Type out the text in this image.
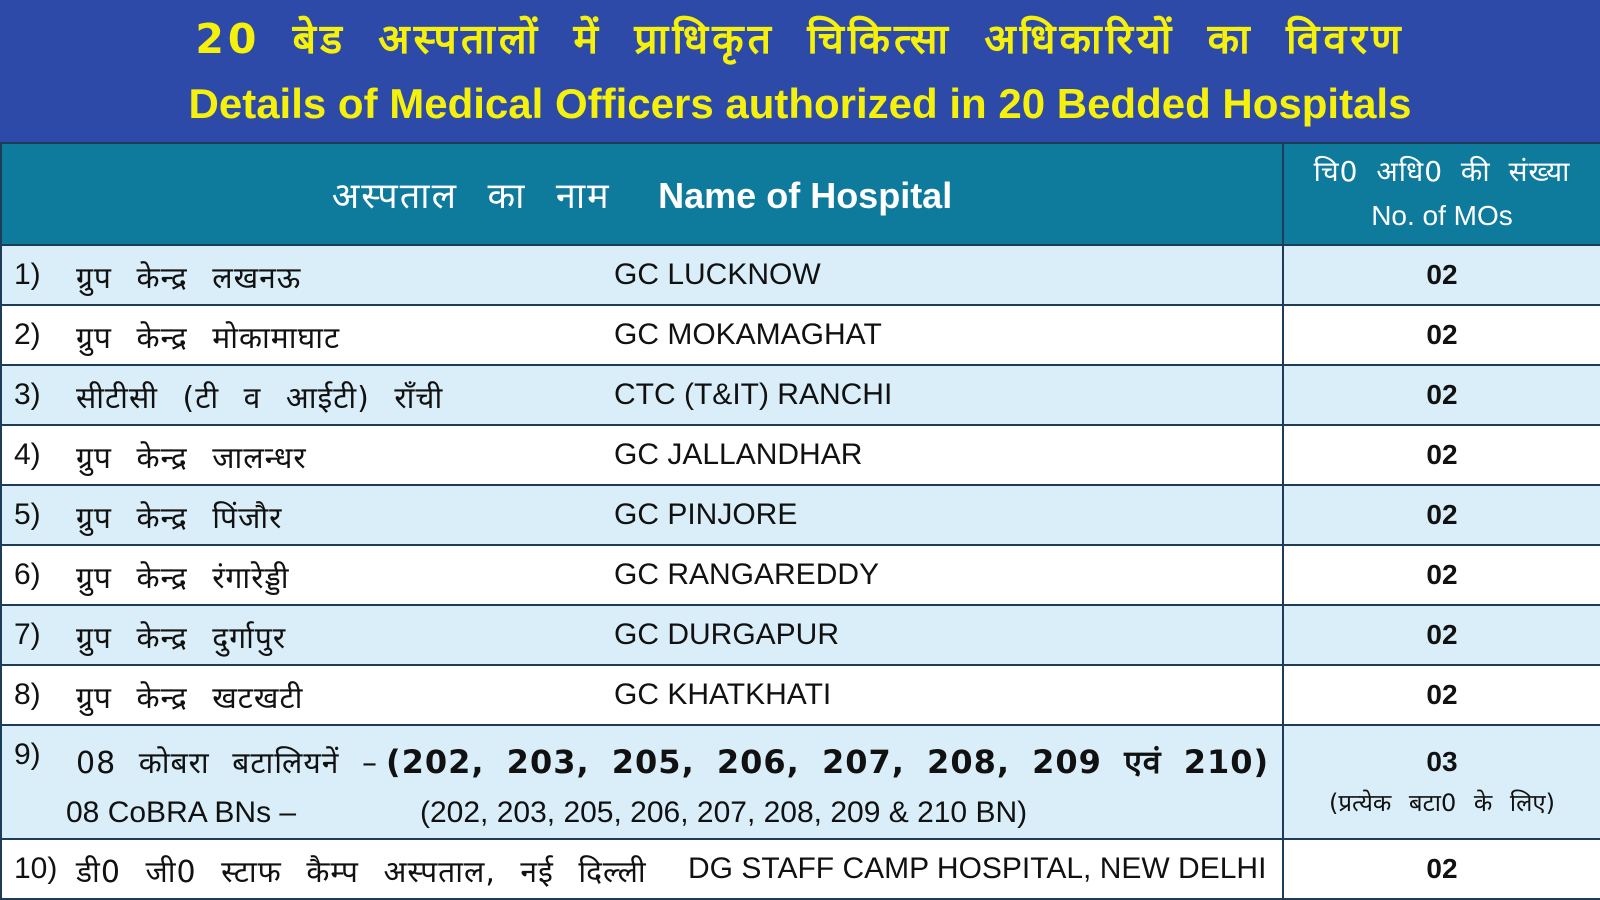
20 बेड अस्पतालों में प्राधिकृत चिकित्सा अधिकारियों का विवरण
Details of Medical Officers authorized in 20 Bedded Hospitals
अस्पताल का नाम Name of Hospital	चि0 अधि0 की संख्या
No. of MOs

1) ग्रुप केन्द्र लखनऊ GC LUCKNOW	02

2) ग्रुप केन्द्र मोकामाघाट GC MOKAMAGHAT	02

3) सीटीसी (टी व आईटी) राँची CTC (T&IT) RANCHI	02

4) ग्रुप केन्द्र जालन्धर GC JALLANDHAR	02

5) ग्रुप केन्द्र पिंजौर GC PINJORE	02

6) ग्रुप केन्द्र रंगारेड्डी GC RANGAREDDY	02

7) ग्रुप केन्द्र दुर्गापुर GC DURGAPUR	02

8) ग्रुप केन्द्र खटखटी GC KHATKHATI	02

9) 08 कोबरा बटालियनें – (202, 203, 205, 206, 207, 208, 209 एवं 210)
08 CoBRA BNs – (202, 203, 205, 206, 207, 208, 209 & 210 BN)	03
(प्रत्येक बटा0 के लिए)

10) डी0 जी0 स्टाफ कैम्प अस्पताल, नई दिल्ली DG STAFF CAMP HOSPITAL, NEW DELHI	02
